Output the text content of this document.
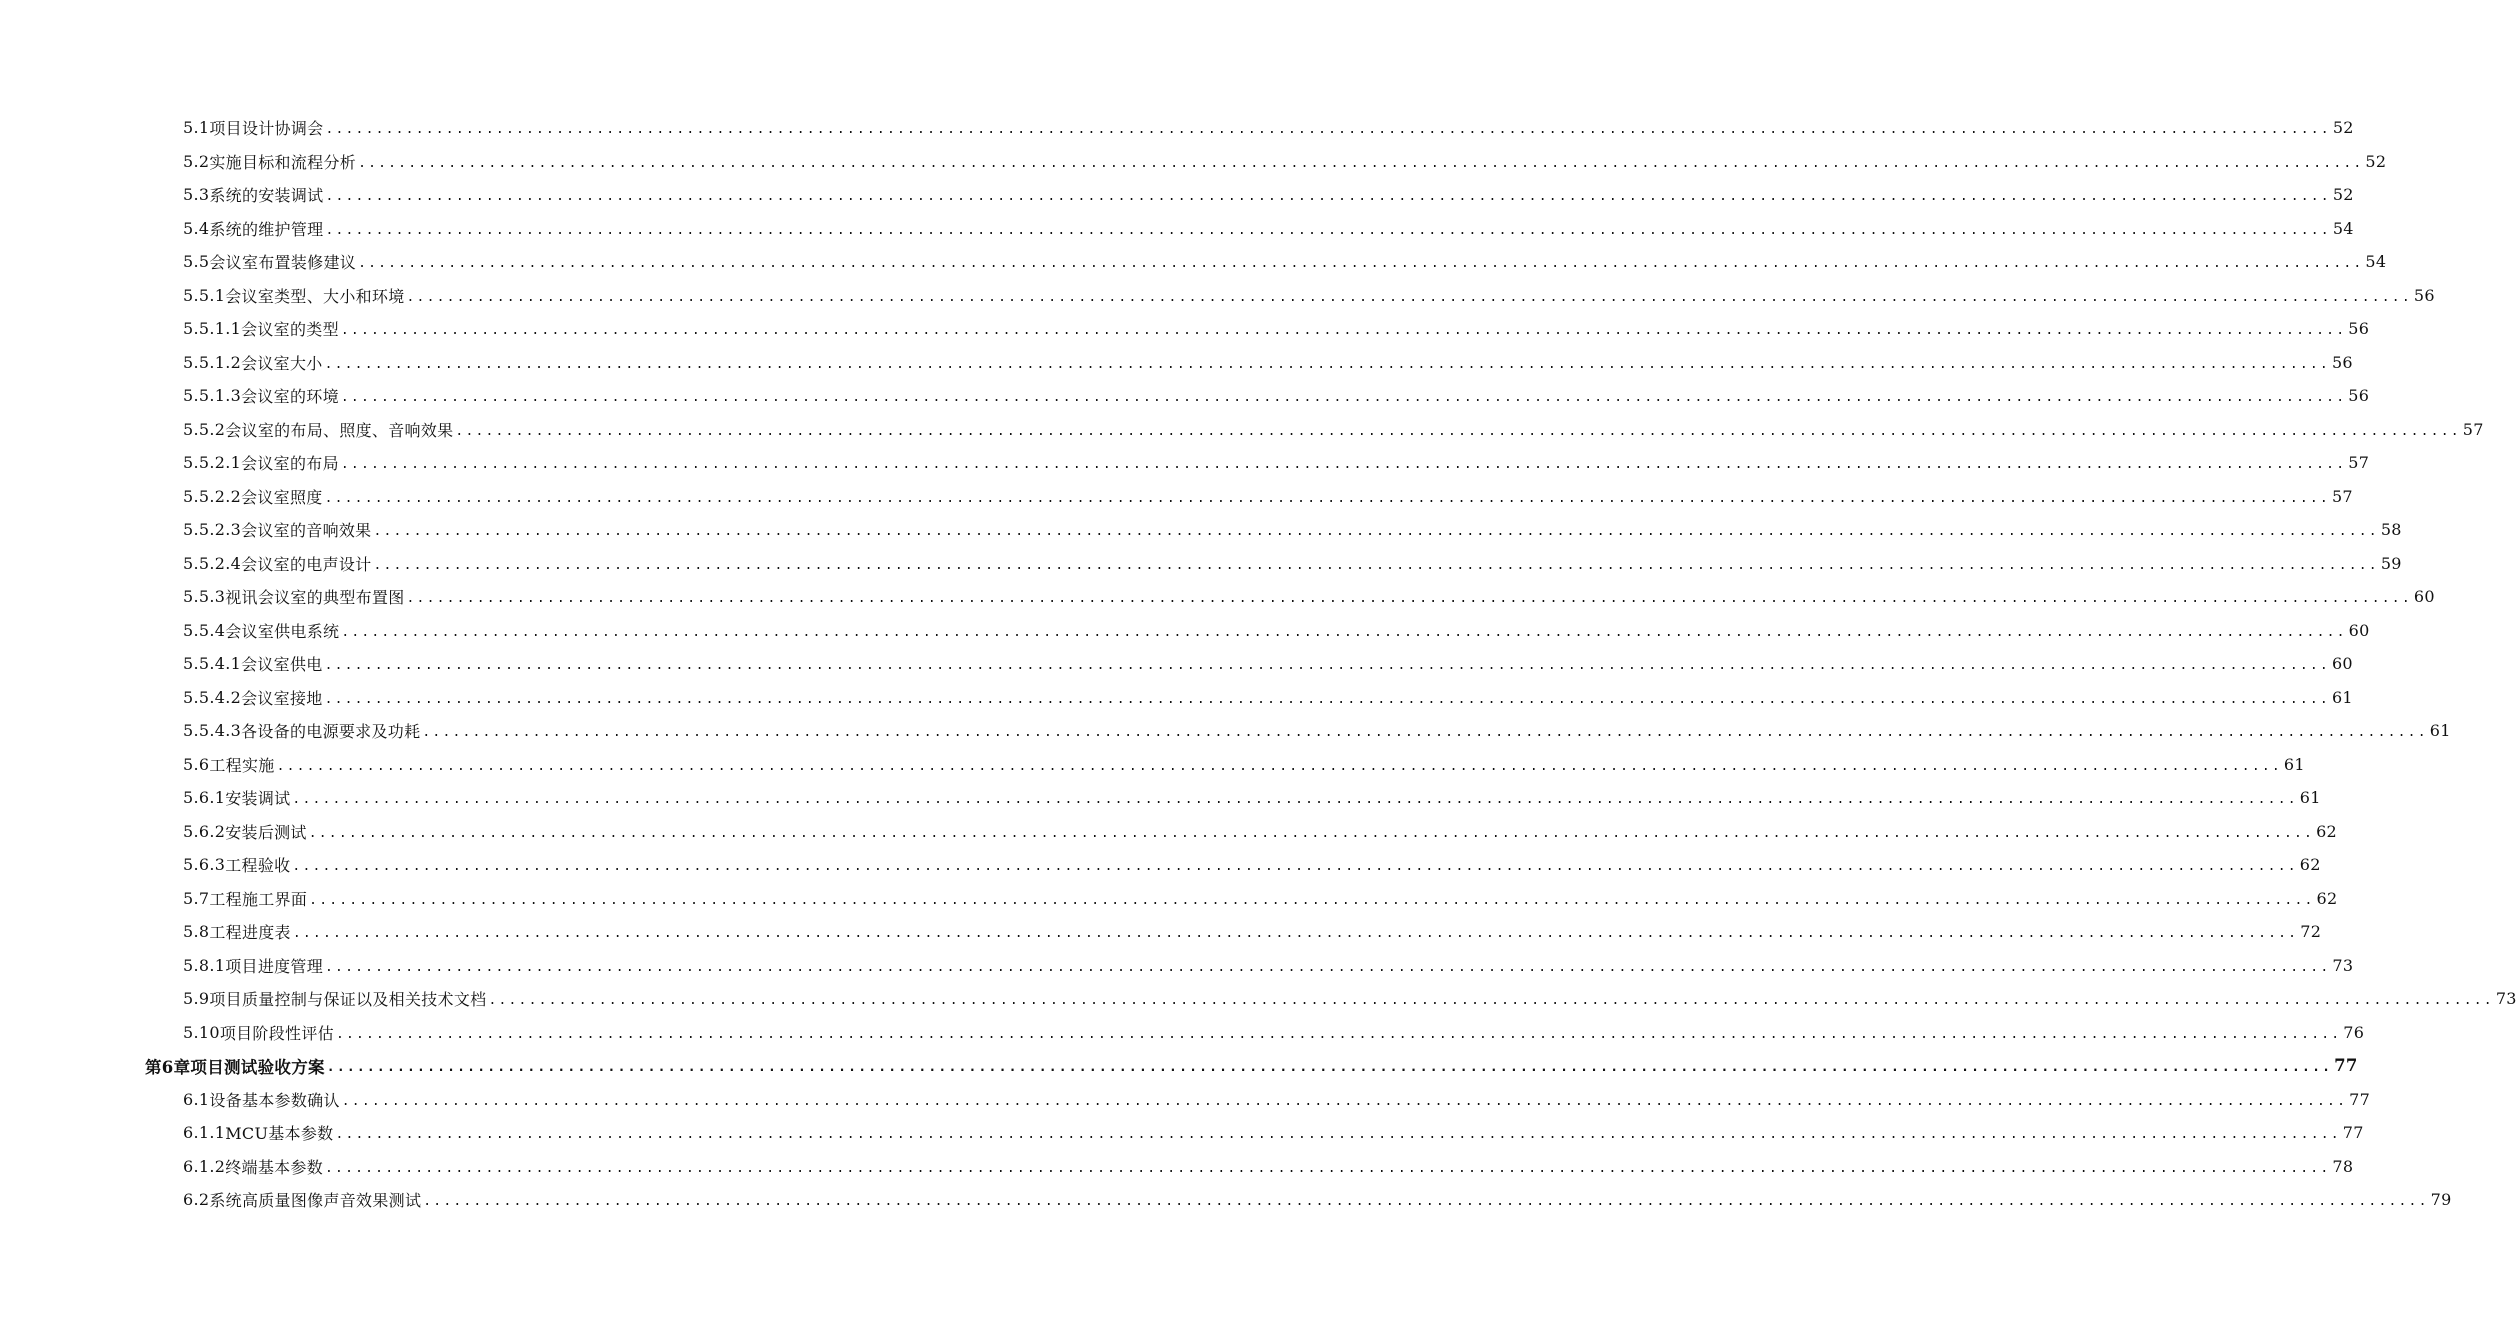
5.1 项目设计协调会 ........................................................................................................................................................................................................ 52
5.2 实施目标和流程分析 ........................................................................................................................................................................................................ 52
5.3 系统的安装调试 ........................................................................................................................................................................................................ 52
5.4 系统的维护管理 ........................................................................................................................................................................................................ 54
5.5 会议室布置装修建议 ........................................................................................................................................................................................................ 54
5.5.1 会议室类型、大小和环境 ........................................................................................................................................................................................................ 56
5.5.1.1 会议室的类型 ........................................................................................................................................................................................................ 56
5.5.1.2 会议室大小 ........................................................................................................................................................................................................ 56
5.5.1.3 会议室的环境 ........................................................................................................................................................................................................ 56
5.5.2 会议室的布局、照度、音响效果 ........................................................................................................................................................................................................ 57
5.5.2.1 会议室的布局 ........................................................................................................................................................................................................ 57
5.5.2.2 会议室照度 ........................................................................................................................................................................................................ 57
5.5.2.3 会议室的音响效果 ........................................................................................................................................................................................................ 58
5.5.2.4 会议室的电声设计 ........................................................................................................................................................................................................ 59
5.5.3 视讯会议室的典型布置图 ........................................................................................................................................................................................................ 60
5.5.4 会议室供电系统 ........................................................................................................................................................................................................ 60
5.5.4.1 会议室供电 ........................................................................................................................................................................................................ 60
5.5.4.2 会议室接地 ........................................................................................................................................................................................................ 61
5.5.4.3 各设备的电源要求及功耗 ........................................................................................................................................................................................................ 61
5.6 工程实施 ........................................................................................................................................................................................................ 61
5.6.1 安装调试 ........................................................................................................................................................................................................ 61
5.6.2 安装后测试 ........................................................................................................................................................................................................ 62
5.6.3 工程验收 ........................................................................................................................................................................................................ 62
5.7 工程施工界面 ........................................................................................................................................................................................................ 62
5.8 工程进度表 ........................................................................................................................................................................................................ 72
5.8.1 项目进度管理 ........................................................................................................................................................................................................ 73
5.9 项目质量控制与保证以及相关技术文档 ........................................................................................................................................................................................................ 73
5.10 项目阶段性评估 ........................................................................................................................................................................................................ 76
第6章 项目测试验收方案 ........................................................................................................................................................................................................ 77
6.1 设备基本参数确认 ........................................................................................................................................................................................................ 77
6.1.1 MCU基本参数 ........................................................................................................................................................................................................ 77
6.1.2 终端基本参数 ........................................................................................................................................................................................................ 78
6.2 系统高质量图像声音效果测试 ........................................................................................................................................................................................................ 79
